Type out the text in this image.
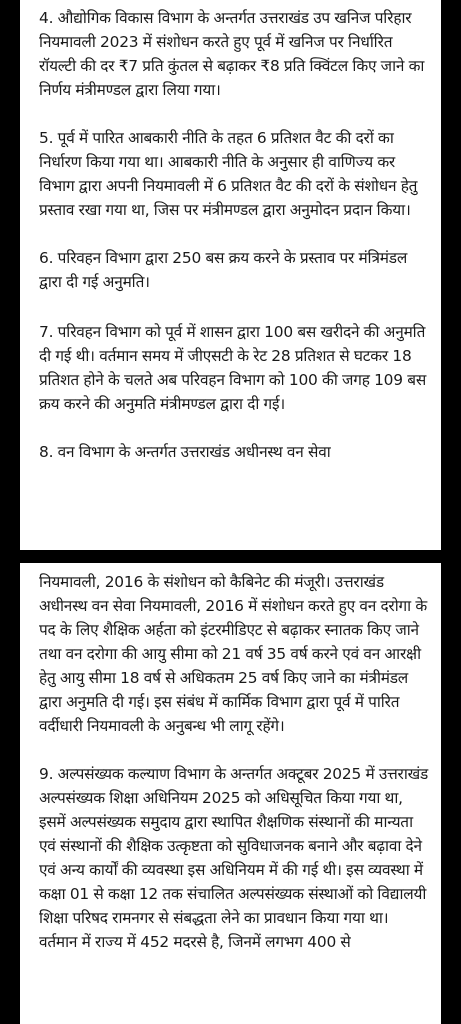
4. औद्योगिक विकास विभाग के अन्तर्गत उत्तराखंड उप खनिज परिहार नियमावली 2023 में संशोधन करते हुए पूर्व में खनिज पर निर्धारित रॉयल्टी की दर ₹7 प्रति कुंतल से बढ़ाकर ₹8 प्रति क्विंटल किए जाने का निर्णय मंत्रीमण्डल द्वारा लिया गया।

5. पूर्व में पारित आबकारी नीति के तहत 6 प्रतिशत वैट की दरों का निर्धारण किया गया था। आबकारी नीति के अनुसार ही वाणिज्य कर विभाग द्वारा अपनी नियमावली में 6 प्रतिशत वैट की दरों के संशोधन हेतु प्रस्ताव रखा गया था, जिस पर मंत्रीमण्डल द्वारा अनुमोदन प्रदान किया।

6. परिवहन विभाग द्वारा 250 बस क्रय करने के प्रस्ताव पर मंत्रिमंडल द्वारा दी गई अनुमति।

7. परिवहन विभाग को पूर्व में शासन द्वारा 100 बस खरीदने की अनुमति दी गई थी। वर्तमान समय में जीएसटी के रेट 28 प्रतिशत से घटकर 18 प्रतिशत होने के चलते अब परिवहन विभाग को 100 की जगह 109 बस क्रय करने की अनुमति मंत्रीमण्डल द्वारा दी गई।

8. वन विभाग के अन्तर्गत उत्तराखंड अधीनस्थ वन सेवा

नियमावली, 2016 के संशोधन को कैबिनेट की मंजूरी। उत्तराखंड अधीनस्थ वन सेवा नियमावली, 2016 में संशोधन करते हुए वन दरोगा के पद के लिए शैक्षिक अर्हता को इंटरमीडिएट से बढ़ाकर स्नातक किए जाने तथा वन दरोगा की आयु सीमा को 21 वर्ष 35 वर्ष करने एवं वन आरक्षी हेतु आयु सीमा 18 वर्ष से अधिकतम 25 वर्ष किए जाने का मंत्रीमंडल द्वारा अनुमति दी गई। इस संबंध में कार्मिक विभाग द्वारा पूर्व में पारित वर्दीधारी नियमावली के अनुबन्ध भी लागू रहेंगे।

9. अल्पसंख्यक कल्याण विभाग के अन्तर्गत अक्टूबर 2025 में उत्तराखंड अल्पसंख्यक शिक्षा अधिनियम 2025 को अधिसूचित किया गया था, इसमें अल्पसंख्यक समुदाय द्वारा स्थापित शैक्षणिक संस्थानों की मान्यता एवं संस्थानों की शैक्षिक उत्कृष्टता को सुविधाजनक बनाने और बढ़ावा देने एवं अन्य कार्यों की व्यवस्था इस अधिनियम में की गई थी। इस व्यवस्था में कक्षा 01 से कक्षा 12 तक संचालित अल्पसंख्यक संस्थाओं को विद्यालयी शिक्षा परिषद रामनगर से संबद्धता लेने का प्रावधान किया गया था।

वर्तमान में राज्य में 452 मदरसे है, जिनमें लगभग 400 से
